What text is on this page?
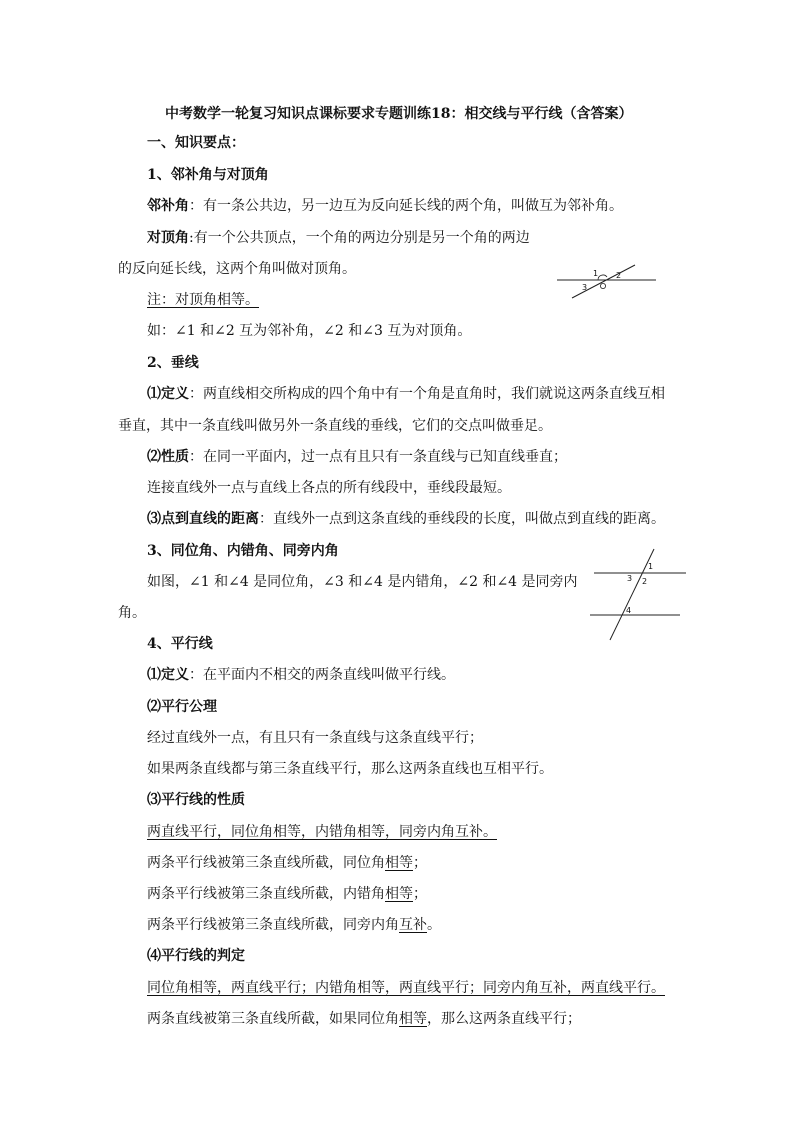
中考数学一轮复习知识点课标要求专题训练18：相交线与平行线（含答案）
一、知识要点：
1、邻补角与对顶角
邻补角：有一条公共边，另一边互为反向延长线的两个角，叫做互为邻补角。
对顶角:有一个公共顶点，一个角的两边分别是另一个角的两边
的反向延长线，这两个角叫做对顶角。
注：对顶角相等。
如：∠1 和∠2 互为邻补角，∠2 和∠3 互为对顶角。
1 2
3
2、垂线
⑴定义：两直线相交所构成的四个角中有一个角是直角时，我们就说这两条直线互相
垂直，其中一条直线叫做另外一条直线的垂线，它们的交点叫做垂足。
⑵性质：在同一平面内，过一点有且只有一条直线与已知直线垂直；
连接直线外一点与直线上各点的所有线段中，垂线段最短。
⑶点到直线的距离：直线外一点到这条直线的垂线段的长度，叫做点到直线的距离。
3、同位角、内错角、同旁内角
如图，∠1 和∠4 是同位角，∠3 和∠4 是内错角，∠2 和∠4 是同旁内
角。
1
2
3
4
4、平行线
⑴定义：在平面内不相交的两条直线叫做平行线。
⑵平行公理
经过直线外一点，有且只有一条直线与这条直线平行；
如果两条直线都与第三条直线平行，那么这两条直线也互相平行。
⑶平行线的性质
两直线平行，同位角相等，内错角相等，同旁内角互补。
两条平行线被第三条直线所截，同位角相等；
两条平行线被第三条直线所截，内错角相等；
两条平行线被第三条直线所截，同旁内角互补。
⑷平行线的判定
同位角相等，两直线平行；内错角相等，两直线平行；同旁内角互补，两直线平行。
两条直线被第三条直线所截，如果同位角相等，那么这两条直线平行；
